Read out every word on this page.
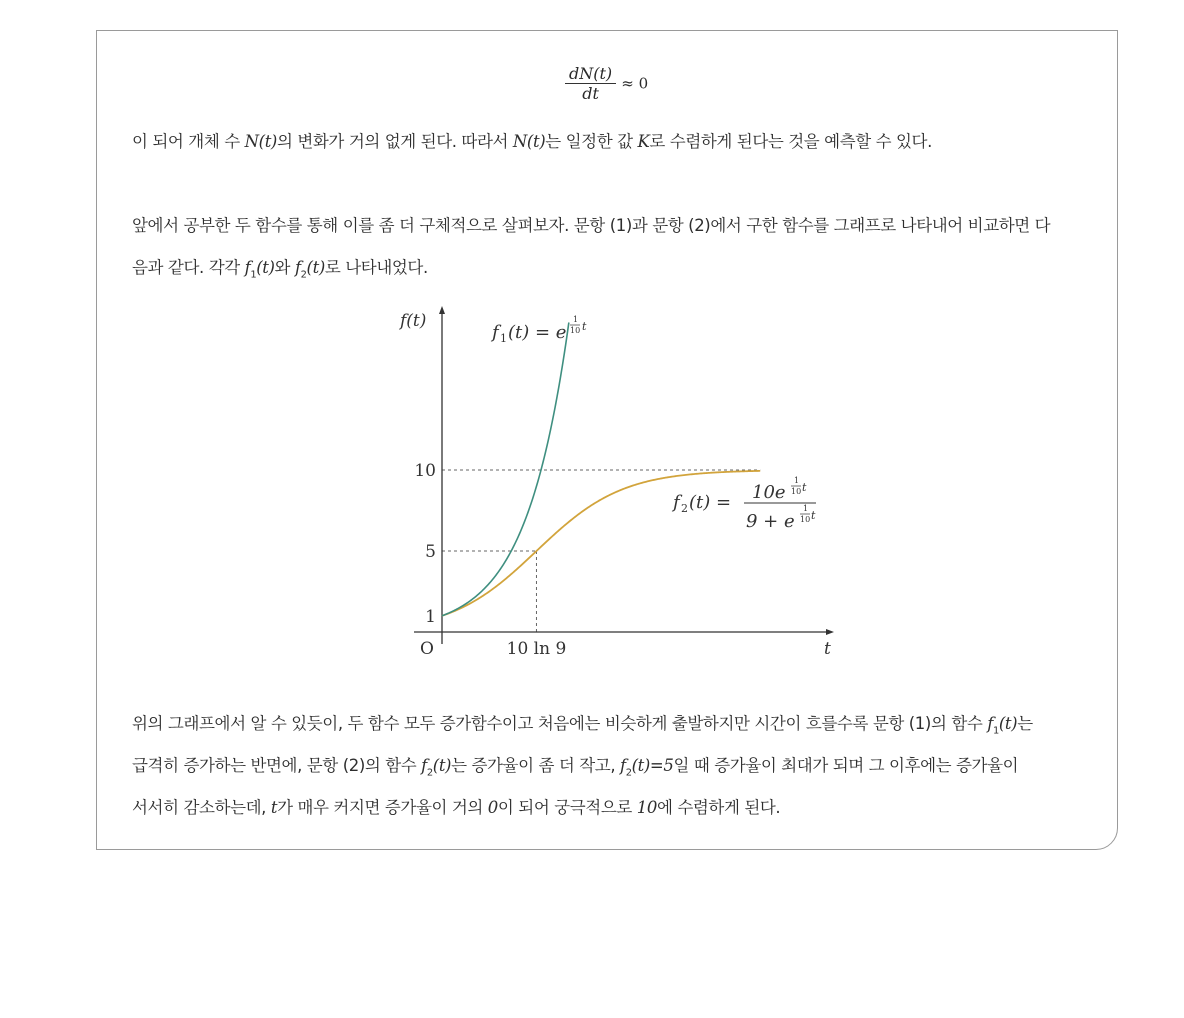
$\frac{dN(t)}{dt} \approx 0$
이 되어 개체 수 N(t)의 변화가 거의 없게 된다. 따라서 N(t)는 일정한 값 K로 수렴하게 된다는 것을 예측할 수 있다.
앞에서 공부한 두 함수를 통해 이를 좀 더 구체적으로 살펴보자. 문항 (1)과 문항 (2)에서 구한 함수를 그래프로 나타내어 비교하면 다
음과 같다. 각각 $f_1(t)$와 $f_2(t)$로 나타내었다.
f(t)
t
O
1
5
10
10 ln 9
f 1 (t) = e
1
10 t
f 2 (t) = 10e
1
10 t
9 + e
1
10 t
위의 그래프에서 알 수 있듯이, 두 함수 모두 증가함수이고 처음에는 비슷하게 출발하지만 시간이 흐를수록 문항 (1)의 함수 $f_1(t)$는
급격히 증가하는 반면에, 문항 (2)의 함수 $f_2(t)$는 증가율이 좀 더 작고, $f_2(t)=5$일 때 증가율이 최대가 되며 그 이후에는 증가율이
서서히 감소하는데, t가 매우 커지면 증가율이 거의 0이 되어 궁극적으로 10에 수렴하게 된다.
